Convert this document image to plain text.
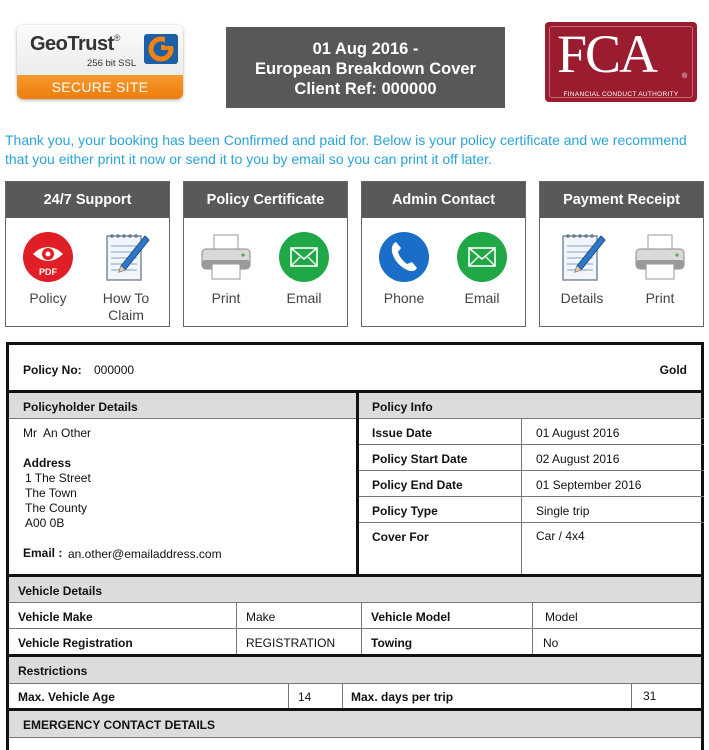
GeoTrust®
256 bit SSL
SECURE SITE
01 Aug 2016 -
European Breakdown Cover
Client Ref: 000000
FCA	®
FINANCIAL CONDUCT AUTHORITY

Thank you, your booking has been Confirmed and paid for. Below is your policy certificate and we recommend that you either print it now or send it to you by email so you can print it off later.

24/7 Support
PDF
Policy	How To Claim
Policy Certificate
Print	Email
Admin Contact
Phone	Email
Payment Receipt
Details	Print
Policy No: 000000	Gold
Policyholder Details	Policy Info
Mr An Other
Address
1 The Street
The Town
The County
A00 0B
Email : an.other@emailaddress.com
Issue Date	01 August 2016
Policy Start Date	02 August 2016
Policy End Date	01 September 2016
Policy Type	Single trip
Cover For	Car / 4x4
Vehicle Details
Vehicle Make	Make	Vehicle Model	Model
Vehicle Registration	REGISTRATION	Towing	No
Restrictions
Max. Vehicle Age	14	Max. days per trip	31
EMERGENCY CONTACT DETAILS
